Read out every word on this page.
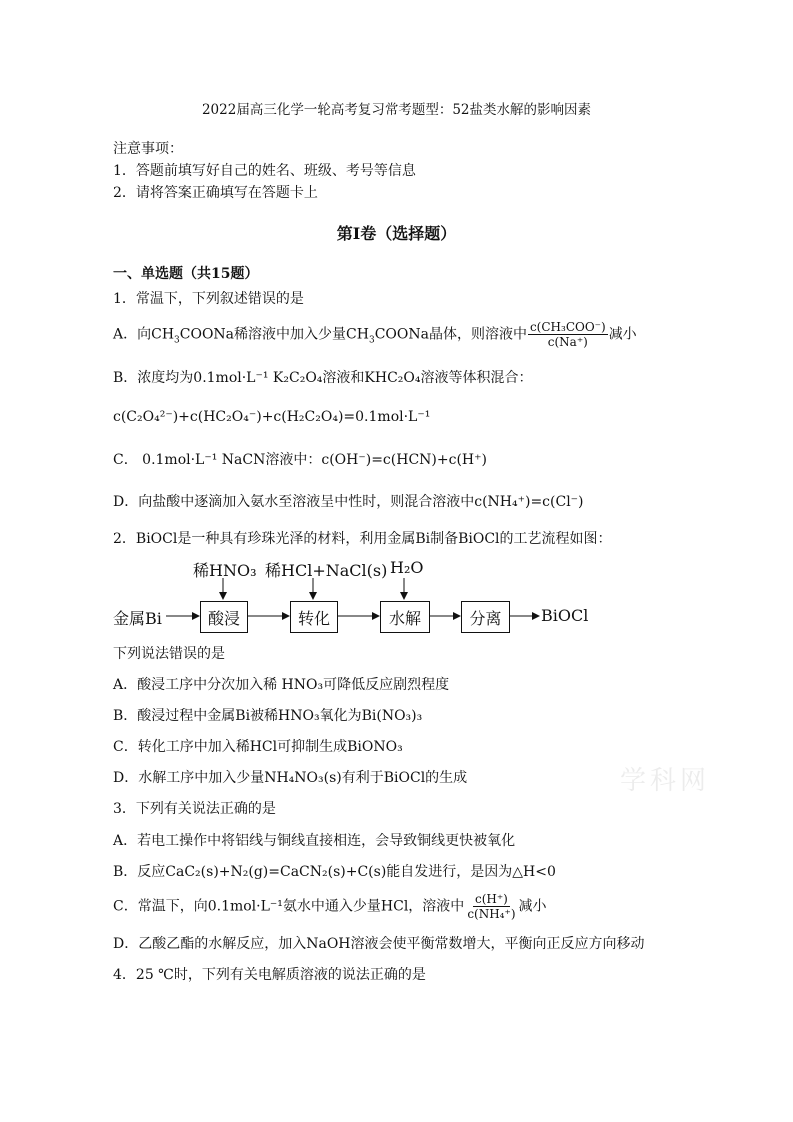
2022届高三化学一轮高考复习常考题型：52盐类水解的影响因素
注意事项：
1．答题前填写好自己的姓名、班级、考号等信息
2．请将答案正确填写在答题卡上
第I卷（选择题）
一、单选题（共15题）
1．常温下，下列叙述错误的是
A．向$CH_3COONa$稀溶液中加入少量$CH_3COONa$晶体，则溶液中 $\frac{\text{c(CH₃COO⁻)}}{c(Na^+)}$ 减小
B．浓度均为0.1mol·L⁻¹ K₂C₂O₄溶液和KHC₂O₄溶液等体积混合：
c(C₂O₄²⁻)+c(HC₂O₄⁻)+c(H₂C₂O₄)=0.1mol·L⁻¹
C． 0.1mol·L⁻¹ NaCN溶液中：c(OH⁻)=c(HCN)+c(H⁺)
D．向盐酸中逐滴加入氨水至溶液呈中性时，则混合溶液中c(NH₄⁺)=c(Cl⁻)
2．BiOCl是一种具有珍珠光泽的材料，利用金属Bi制备BiOCl的工艺流程如图：
金属Bi	酸浸	转化	水解	分离	BiOCl
稀HNO₃ 稀HCl+NaCl(s) H₂O
下列说法错误的是
A．酸浸工序中分次加入稀 HNO₃可降低反应剧烈程度
B．酸浸过程中金属Bi被稀HNO₃氧化为Bi(NO₃)₃
C．转化工序中加入稀HCl可抑制生成BiONO₃
D．水解工序中加入少量NH₄NO₃(s)有利于BiOCl的生成
3．下列有关说法正确的是
A．若电工操作中将铝线与铜线直接相连，会导致铜线更快被氧化
B．反应CaC₂(s)+N₂(g)=CaCN₂(s)+C(s)能自发进行，是因为△H<0
C．常温下，向0.1mol·L⁻¹氨水中通入少量HCl，溶液中 $\frac{c(H^+)}{\text{c(NH₄⁺)}}$ 减小
D．乙酸乙酯的水解反应，加入NaOH溶液会使平衡常数增大，平衡向正反应方向移动
4．25 ℃时，下列有关电解质溶液的说法正确的是
学科网
